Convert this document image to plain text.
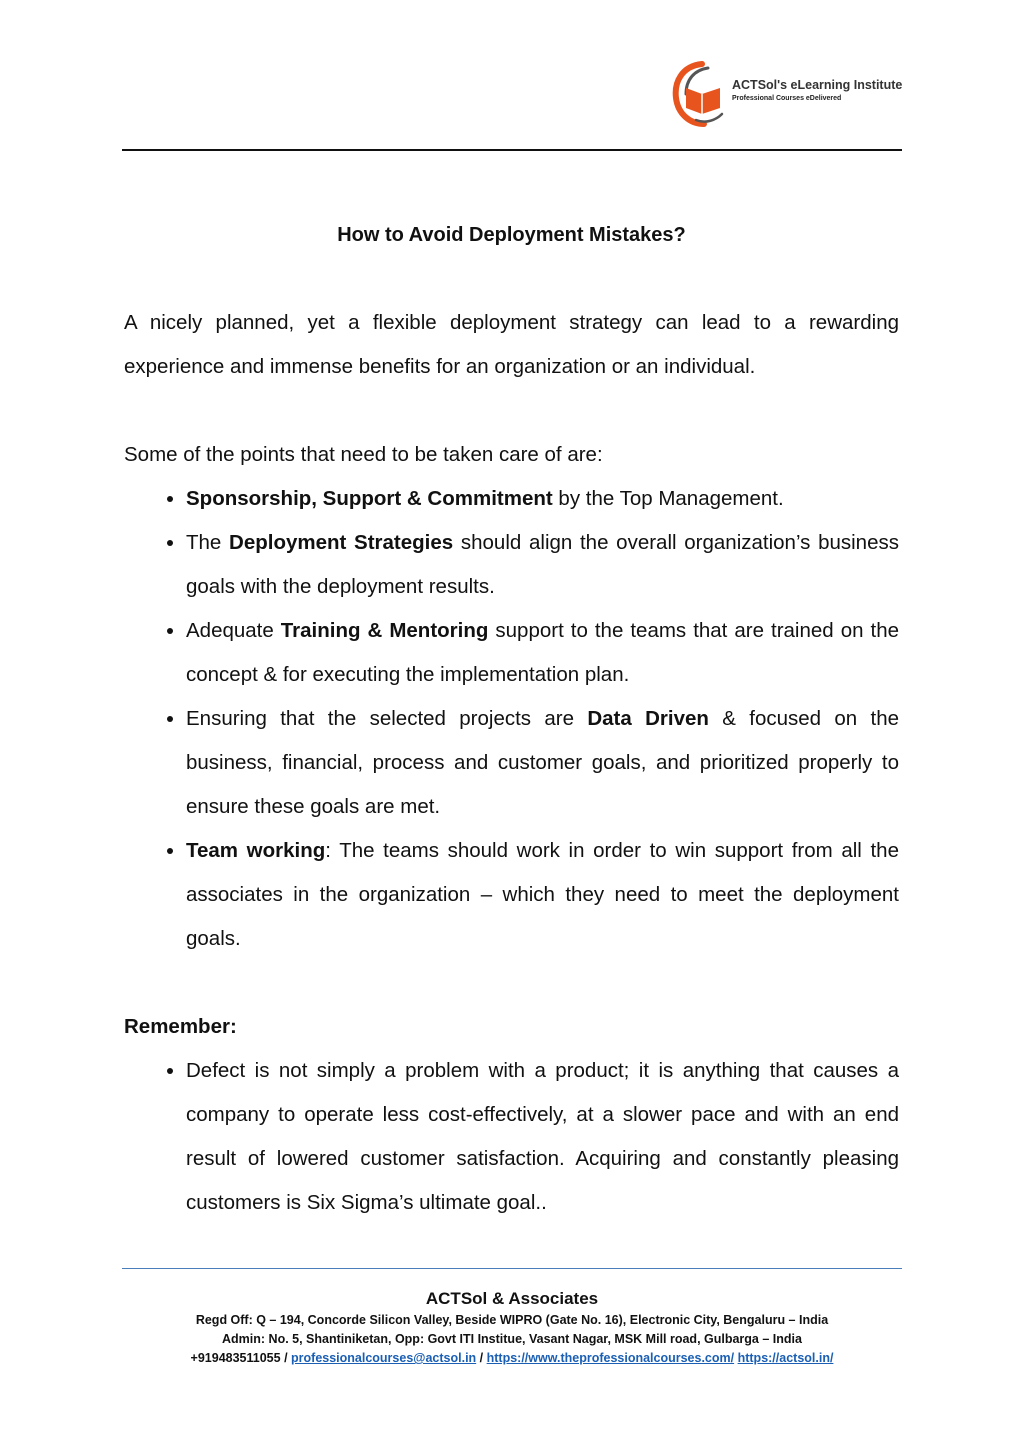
ACTSol's eLearning Institute
Professional Courses eDelivered
How to Avoid Deployment Mistakes?

A nicely planned, yet a flexible deployment strategy can lead to a rewarding experience and immense benefits for an organization or an individual.

Some of the points that need to be taken care of are:

• Sponsorship, Support & Commitment by the Top Management.
• The Deployment Strategies should align the overall organization’s business goals with the deployment results.
• Adequate Training & Mentoring support to the teams that are trained on the concept & for executing the implementation plan.
• Ensuring that the selected projects are Data Driven & focused on the business, financial, process and customer goals, and prioritized properly to ensure these goals are met.
• Team working: The teams should work in order to win support from all the associates in the organization – which they need to meet the deployment goals.

Remember:

• Defect is not simply a problem with a product; it is anything that causes a company to operate less cost-effectively, at a slower pace and with an end result of lowered customer satisfaction. Acquiring and constantly pleasing customers is Six Sigma’s ultimate goal..
ACTSol & Associates
Regd Off: Q – 194, Concorde Silicon Valley, Beside WIPRO (Gate No. 16), Electronic City, Bengaluru – India
Admin: No. 5, Shantiniketan, Opp: Govt ITI Institue, Vasant Nagar, MSK Mill road, Gulbarga – India
+919483511055 / professionalcourses@actsol.in / https://www.theprofessionalcourses.com/ https://actsol.in/
